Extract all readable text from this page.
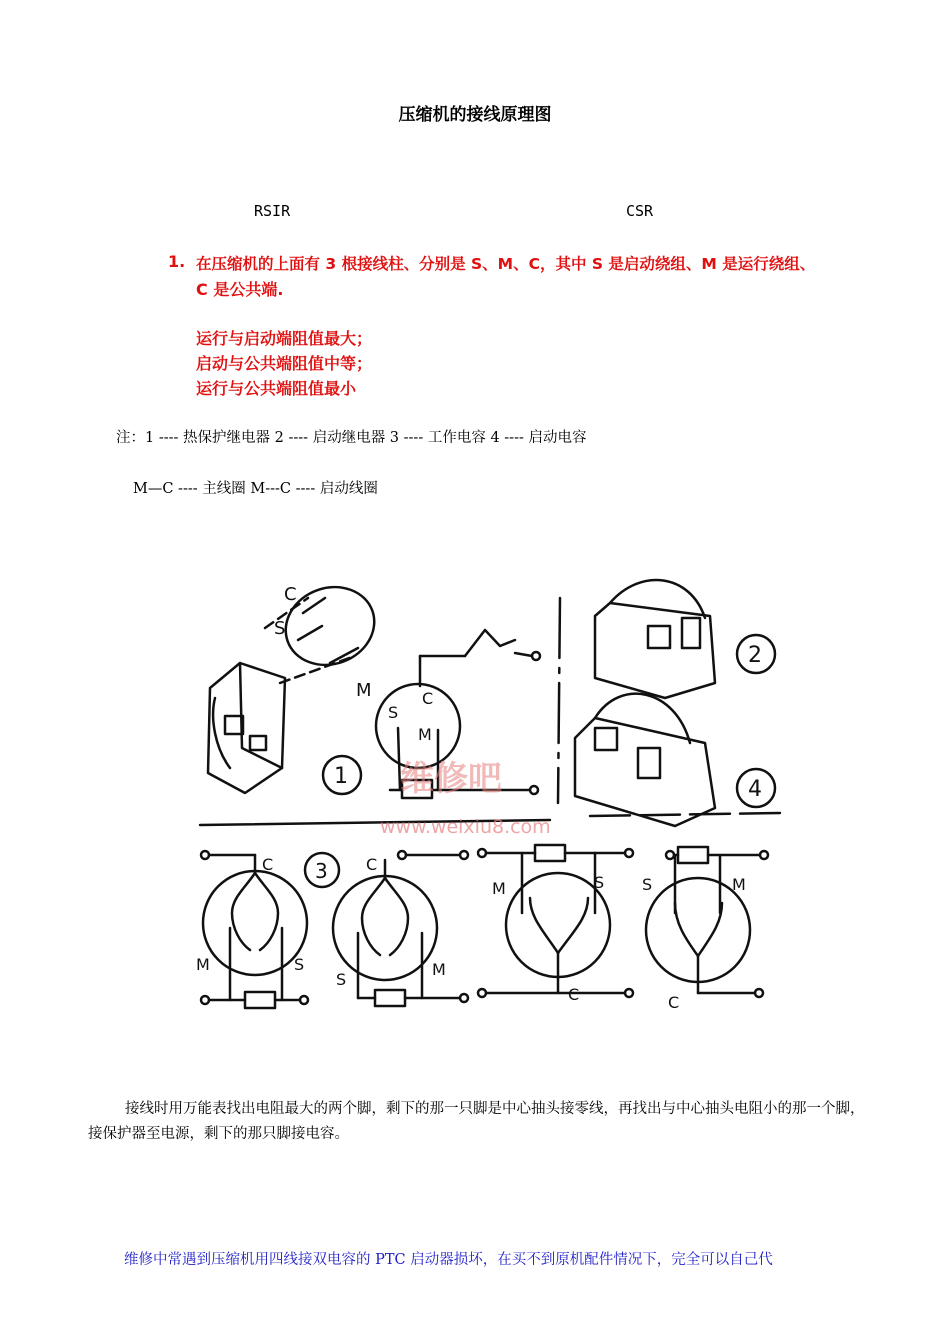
压缩机的接线原理图
RSIR	CSR
1. 在压缩机的上面有 3 根接线柱、分别是 S、M、C，其中 S 是启动绕组、M 是运行绕组、
C 是公共端.
运行与启动端阻值最大；
启动与公共端阻值中等；
运行与公共端阻值最小
注：1 ---- 热保护继电器 2 ---- 启动继电器 3 ---- 工作电容 4 ---- 启动电容
M—C ---- 主线圈 M---C ---- 启动线圈
C
S
M
S
C
M
1
2
3
4
C
M	S
C
S
M
M	S
C
S	M
C
维修吧
www.weixiu8.com
接线时用万能表找出电阻最大的两个脚，剩下的那一只脚是中心抽头接零线，再找出与中心抽头电阻小的那一个脚，接保护器至电源，剩下的那只脚接电容。
维修中常遇到压缩机用四线接双电容的 PTC 启动器损坏，在买不到原机配件情况下，完全可以自己代
